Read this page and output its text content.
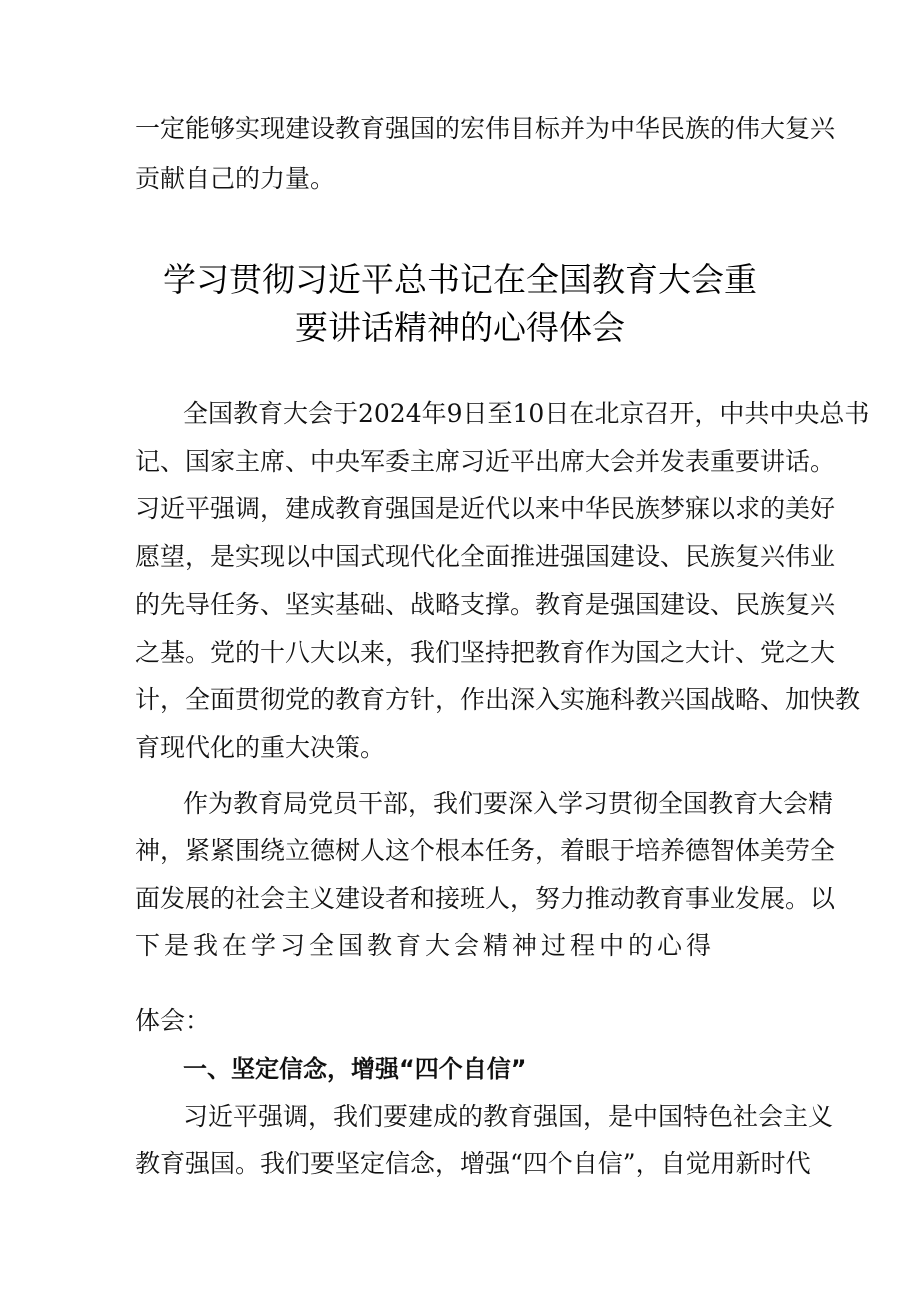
一定能够实现建设教育强国的宏伟目标并为中华民族的伟大复兴
贡献自己的力量。
学习贯彻习近平总书记在全国教育大会重
要讲话精神的心得体会
全国教育大会于2024年9日至10日在北京召开，中共中央总书
记、国家主席、中央军委主席习近平出席大会并发表重要讲话。
习近平强调，建成教育强国是近代以来中华民族梦寐以求的美好
愿望，是实现以中国式现代化全面推进强国建设、民族复兴伟业
的先导任务、坚实基础、战略支撑。教育是强国建设、民族复兴
之基。党的十八大以来，我们坚持把教育作为国之大计、党之大
计，全面贯彻党的教育方针，作出深入实施科教兴国战略、加快教
育现代化的重大决策。
作为教育局党员干部，我们要深入学习贯彻全国教育大会精
神，紧紧围绕立德树人这个根本任务，着眼于培养德智体美劳全
面发展的社会主义建设者和接班人，努力推动教育事业发展。以
下是我在学习全国教育大会精神过程中的心得
体会：
一、坚定信念，增强“四个自信”
习近平强调，我们要建成的教育强国，是中国特色社会主义
教育强国。我们要坚定信念，增强“四个自信”，自觉用新时代
